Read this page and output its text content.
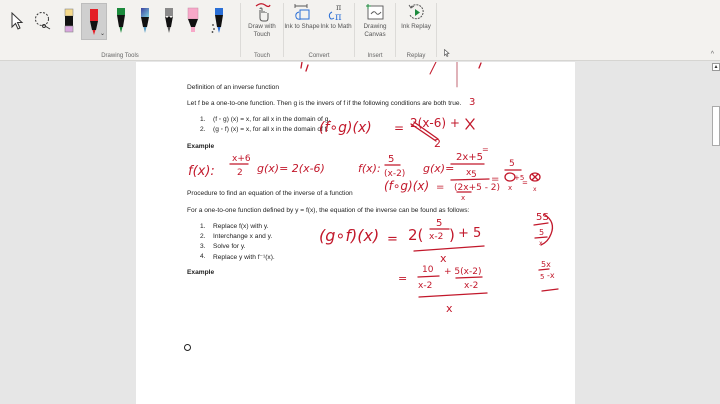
⌄
Drawing Tools
Draw with Touch
Touch
Ink to Shape
π
π
Ink to Math
Convert
Drawing Canvas
Insert
Ink Replay
Replay	^
Definition of an inverse function
Let f be a one-to-one function. Then g is the invers of f if the following conditions are both true.
1. (f ◦ g) (x) = x, for all x in the domain of g.
2. (g ◦ f) (x) = x, for all x in the domain of f.
Example
Procedure to find an equation of the inverse of a function
For a one-to-one function defined by y = f(x), the equation of the inverse can be found as follows:
1. Replace f(x) with y.
2. Interchange x and y.
3. Solve for y.
4. Replace y with f⁻¹(x).
Example
f(x):
x+6
2 g(x)= 2(x-6)
(f∘g)(x) = 2(x-6) +
2
3
=
f(x):
5
(x-2) g(x)=
2x+5
x
(f∘g)(x) =
5
(2x+5 - 2)
x
=
5
+5
x
=
x
(g∘f)(x) = 2(
5
x-2 ) + 5
x
=
10
x-2
+ 5(x-2)
x-2
x
5S
5
x
5x
5 -x
▴
